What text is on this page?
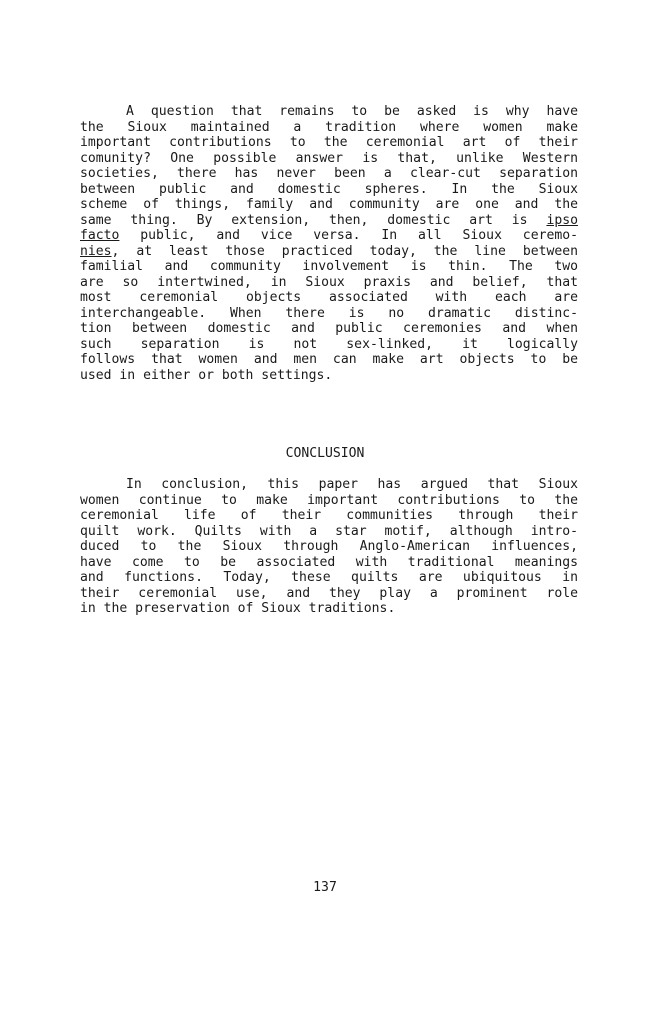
A question that remains to be asked is why have
the Sioux maintained a tradition where women make
important contributions to the ceremonial art of their
comunity? One possible answer is that, unlike Western
societies, there has never been a clear-cut separation
between public and domestic spheres. In the Sioux
scheme of things, family and community are one and the
same thing. By extension, then, domestic art is ipso
facto public, and vice versa. In all Sioux ceremo-
nies, at least those practiced today, the line between
familial and community involvement is thin. The two
are so intertwined, in Sioux praxis and belief, that
most ceremonial objects associated with each are
interchangeable. When there is no dramatic distinc-
tion between domestic and public ceremonies and when
such separation is not sex-linked, it logically
follows that women and men can make art objects to be
used in either or both settings.
CONCLUSION
In conclusion, this paper has argued that Sioux
women continue to make important contributions to the
ceremonial life of their communities through their
quilt work. Quilts with a star motif, although intro-
duced to the Sioux through Anglo-American influences,
have come to be associated with traditional meanings
and functions. Today, these quilts are ubiquitous in
their ceremonial use, and they play a prominent role
in the preservation of Sioux traditions.
137
